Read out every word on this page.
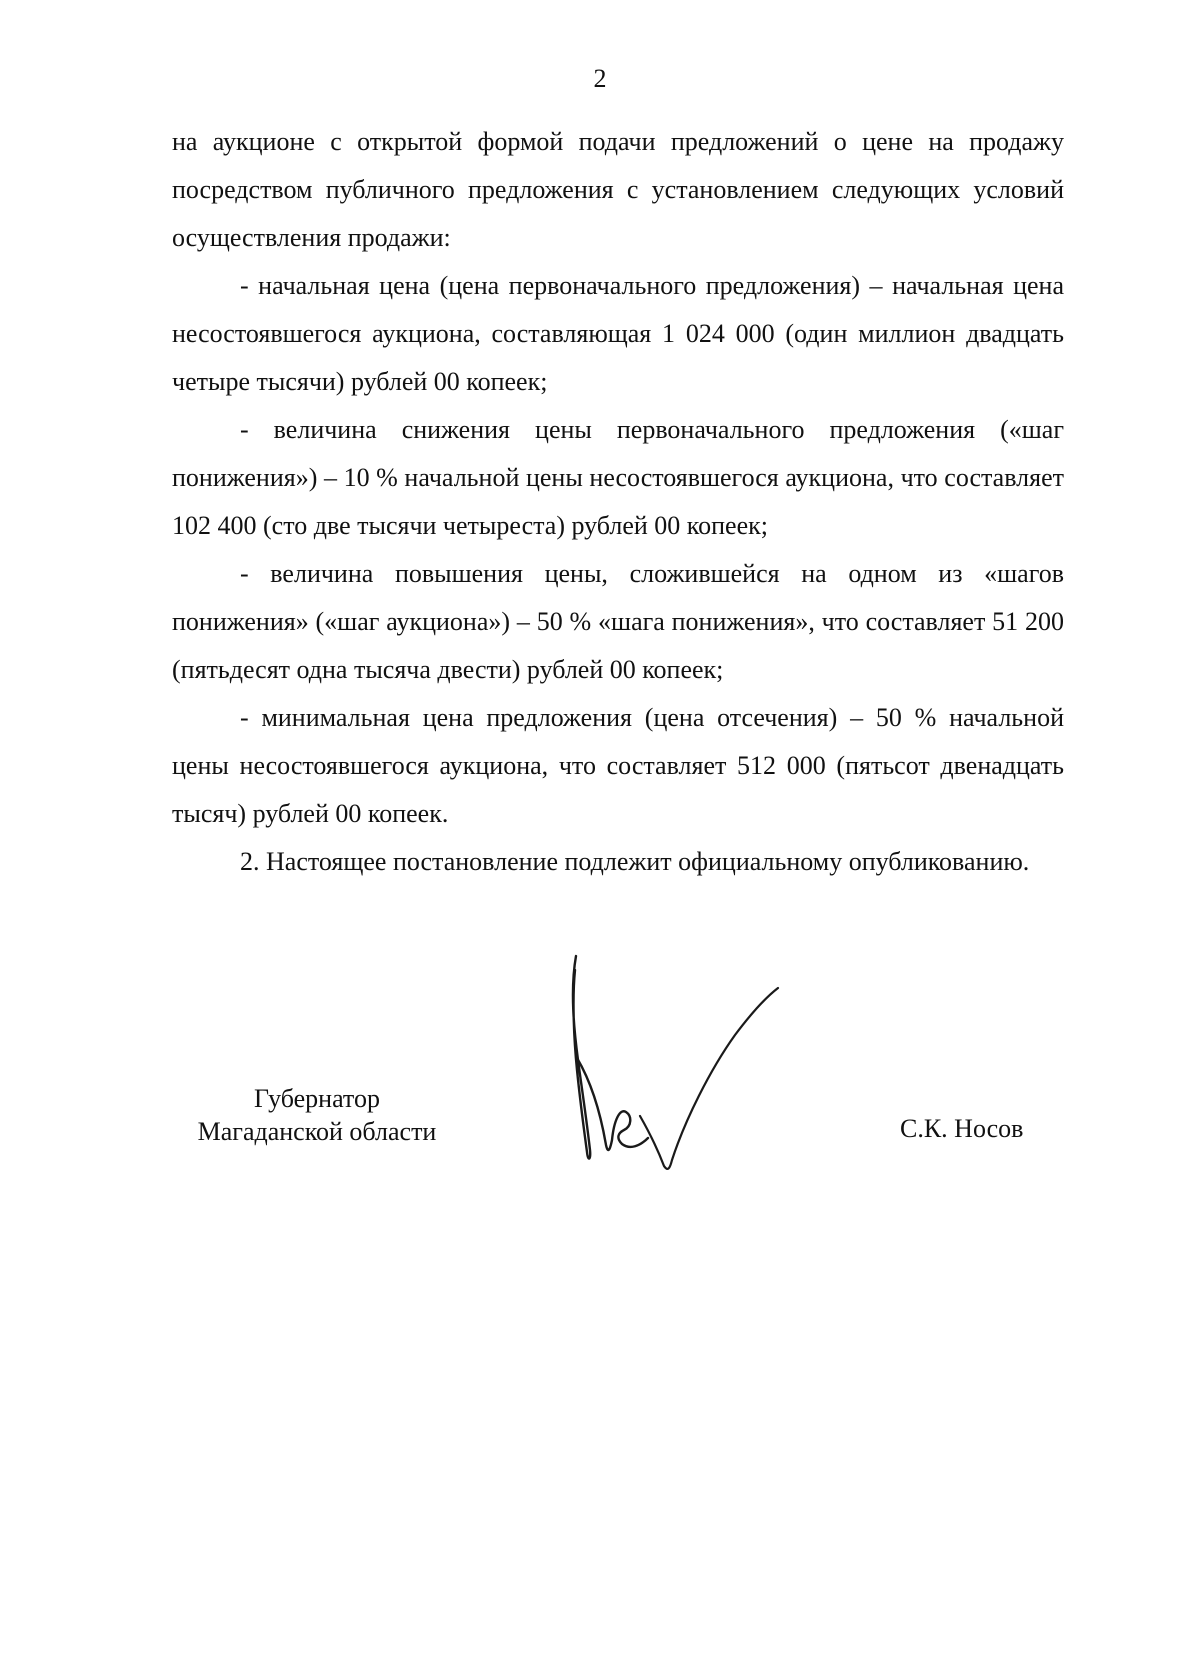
2

на аукционе с открытой формой подачи предложений о цене на продажу посредством публичного предложения с установлением следующих условий осуществления продажи:

- начальная цена (цена первоначального предложения) – начальная цена несостоявшегося аукциона, составляющая 1 024 000 (один миллион двадцать четыре тысячи) рублей 00 копеек;

- величина снижения цены первоначального предложения («шаг понижения») – 10 % начальной цены несостоявшегося аукциона, что составляет 102 400 (сто две тысячи четыреста) рублей 00 копеек;

- величина повышения цены, сложившейся на одном из «шагов понижения» («шаг аукциона») – 50 % «шага понижения», что составляет 51 200 (пятьдесят одна тысяча двести) рублей 00 копеек;

- минимальная цена предложения (цена отсечения) – 50 % начальной цены несостоявшегося аукциона, что составляет 512 000 (пятьсот двенадцать тысяч) рублей 00 копеек.

2. Настоящее постановление подлежит официальному опубликованию.

Губернатор
Магаданской области	С.К. Носов
